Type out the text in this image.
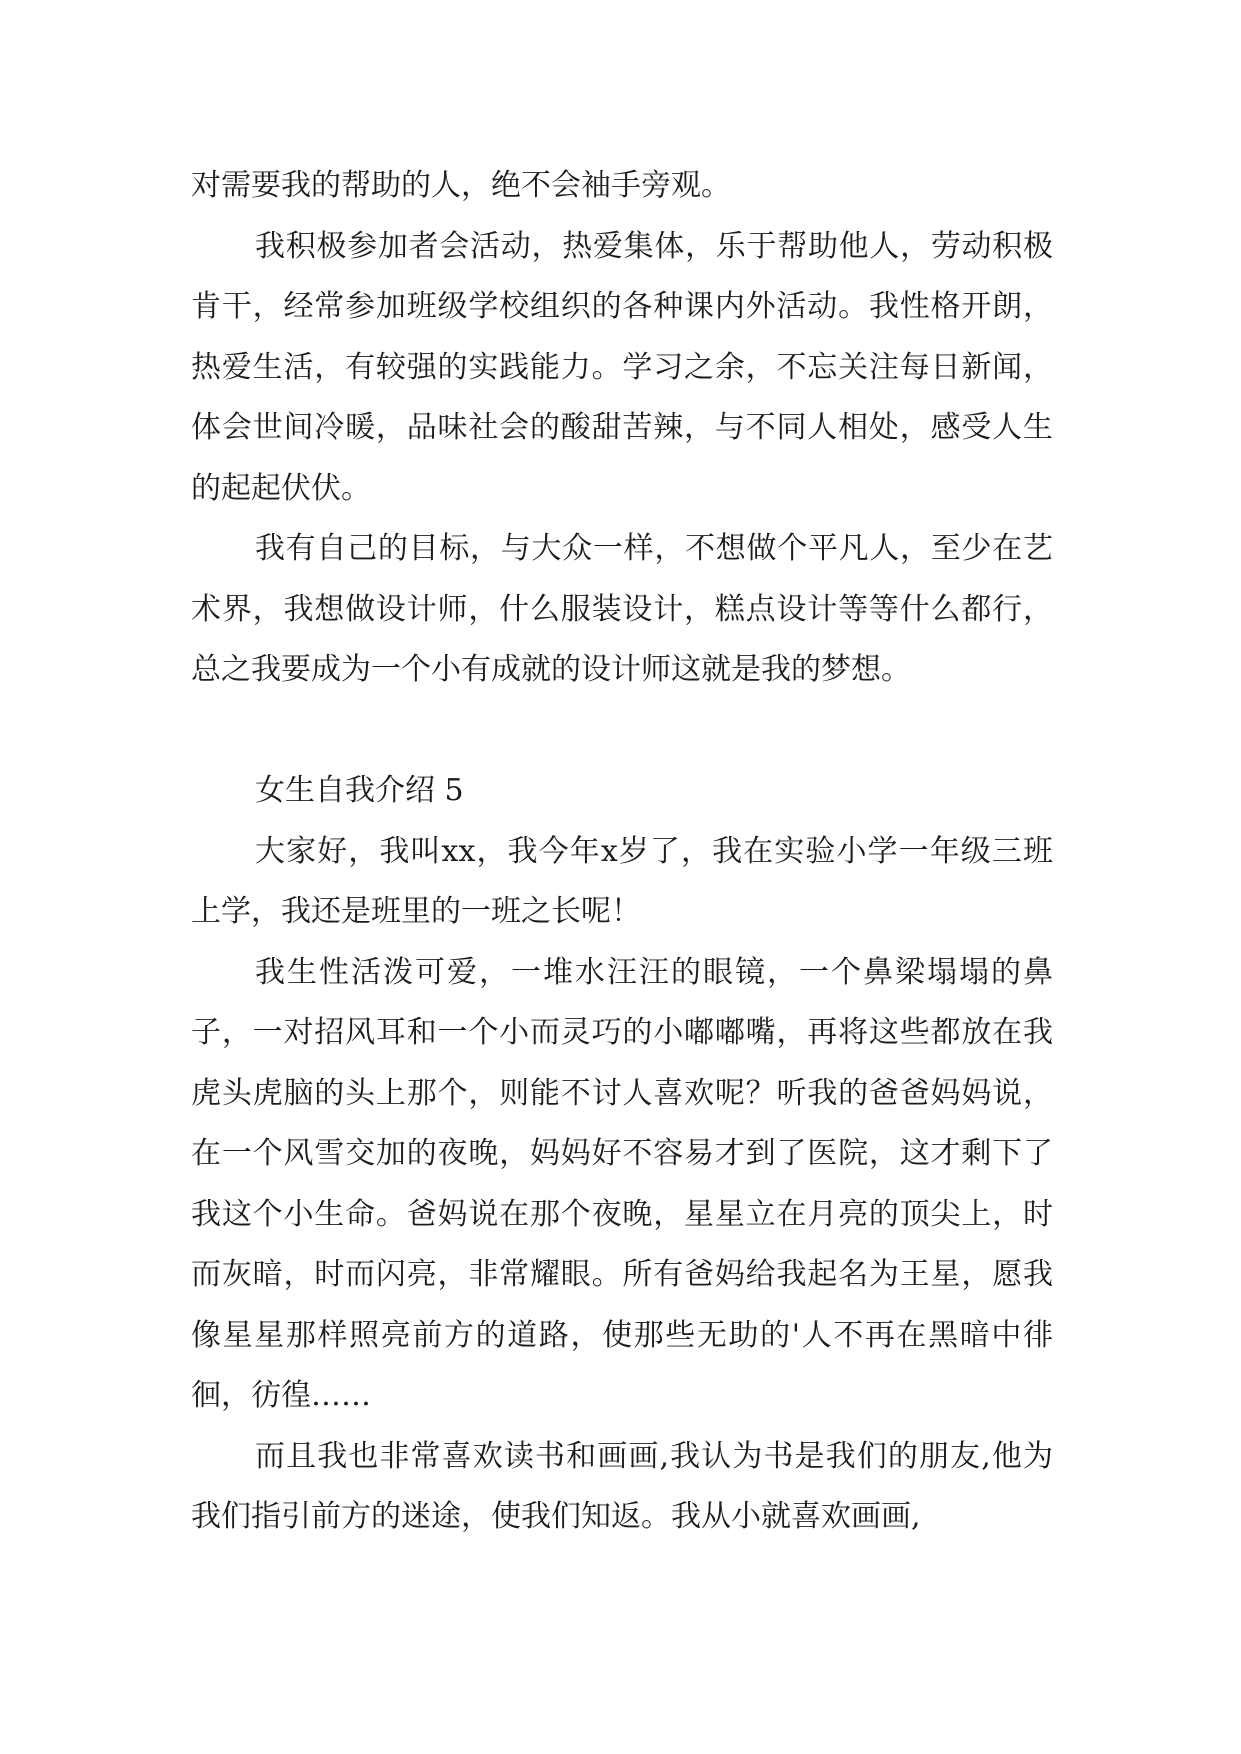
对需要我的帮助的人，绝不会袖手旁观。

我积极参加者会活动，热爱集体，乐于帮助他人，劳动积极肯干，经常参加班级学校组织的各种课内外活动。我性格开朗，热爱生活，有较强的实践能力。学习之余，不忘关注每日新闻，体会世间冷暖，品味社会的酸甜苦辣，与不同人相处，感受人生的起起伏伏。

我有自己的目标，与大众一样，不想做个平凡人，至少在艺术界，我想做设计师，什么服装设计，糕点设计等等什么都行，总之我要成为一个小有成就的设计师这就是我的梦想。

女生自我介绍 5

大家好，我叫xx，我今年x岁了，我在实验小学一年级三班上学，我还是班里的一班之长呢！

我生性活泼可爱，一堆水汪汪的眼镜，一个鼻梁塌塌的鼻子，一对招风耳和一个小而灵巧的小嘟嘟嘴，再将这些都放在我虎头虎脑的头上那个，则能不讨人喜欢呢？听我的爸爸妈妈说，在一个风雪交加的夜晚，妈妈好不容易才到了医院，这才剩下了我这个小生命。爸妈说在那个夜晚，星星立在月亮的顶尖上，时而灰暗，时而闪亮，非常耀眼。所有爸妈给我起名为王星，愿我像星星那样照亮前方的道路，使那些无助的'人不再在黑暗中徘徊，彷徨……

而且我也非常喜欢读书和画画,我认为书是我们的朋友,他为我们指引前方的迷途，使我们知返。我从小就喜欢画画,
